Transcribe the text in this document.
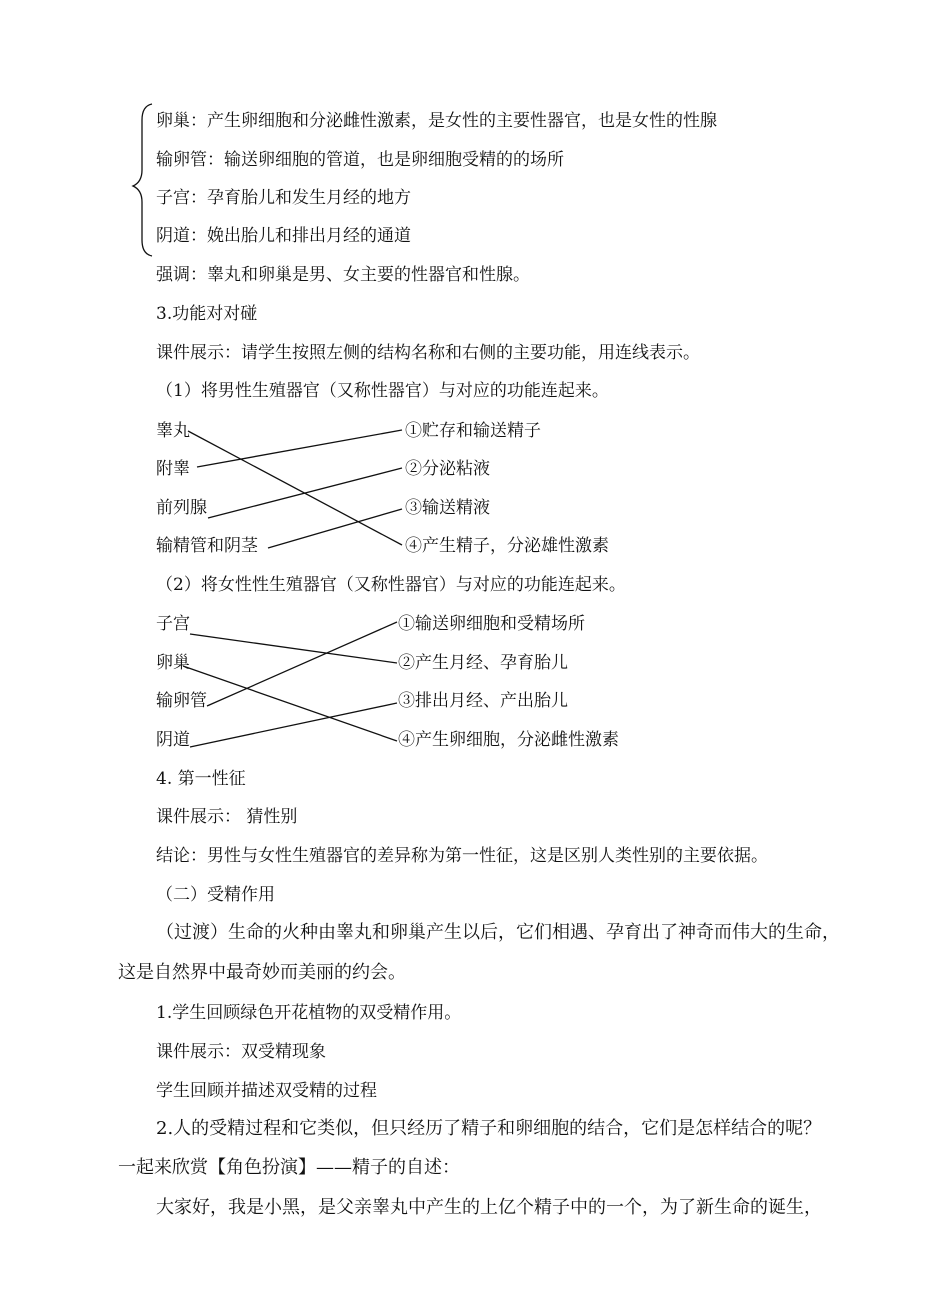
卵巢：产生卵细胞和分泌雌性激素，是女性的主要性器官，也是女性的性腺
输卵管：输送卵细胞的管道，也是卵细胞受精的的场所
子宫：孕育胎儿和发生月经的地方
阴道：娩出胎儿和排出月经的通道
强调：睾丸和卵巢是男、女主要的性器官和性腺。
3.功能对对碰
课件展示：请学生按照左侧的结构名称和右侧的主要功能，用连线表示。
（1）将男性生殖器官（又称性器官）与对应的功能连起来。
睾丸
附睾
前列腺
输精管和阴茎
①贮存和输送精子
②分泌粘液
③输送精液
④产生精子，分泌雄性激素
（2）将女性性生殖器官（又称性器官）与对应的功能连起来。
子宫
卵巢
输卵管
阴道
①输送卵细胞和受精场所
②产生月经、孕育胎儿
③排出月经、产出胎儿
④产生卵细胞，分泌雌性激素
4. 第一性征
课件展示： 猜性别
结论：男性与女性生殖器官的差异称为第一性征，这是区别人类性别的主要依据。
（二）受精作用
（过渡）生命的火种由睾丸和卵巢产生以后，它们相遇、孕育出了神奇而伟大的生命，
这是自然界中最奇妙而美丽的约会。
1.学生回顾绿色开花植物的双受精作用。
课件展示：双受精现象
学生回顾并描述双受精的过程
2.人的受精过程和它类似，但只经历了精子和卵细胞的结合，它们是怎样结合的呢？
一起来欣赏【角色扮演】——精子的自述：
大家好，我是小黑，是父亲睾丸中产生的上亿个精子中的一个，为了新生命的诞生，
